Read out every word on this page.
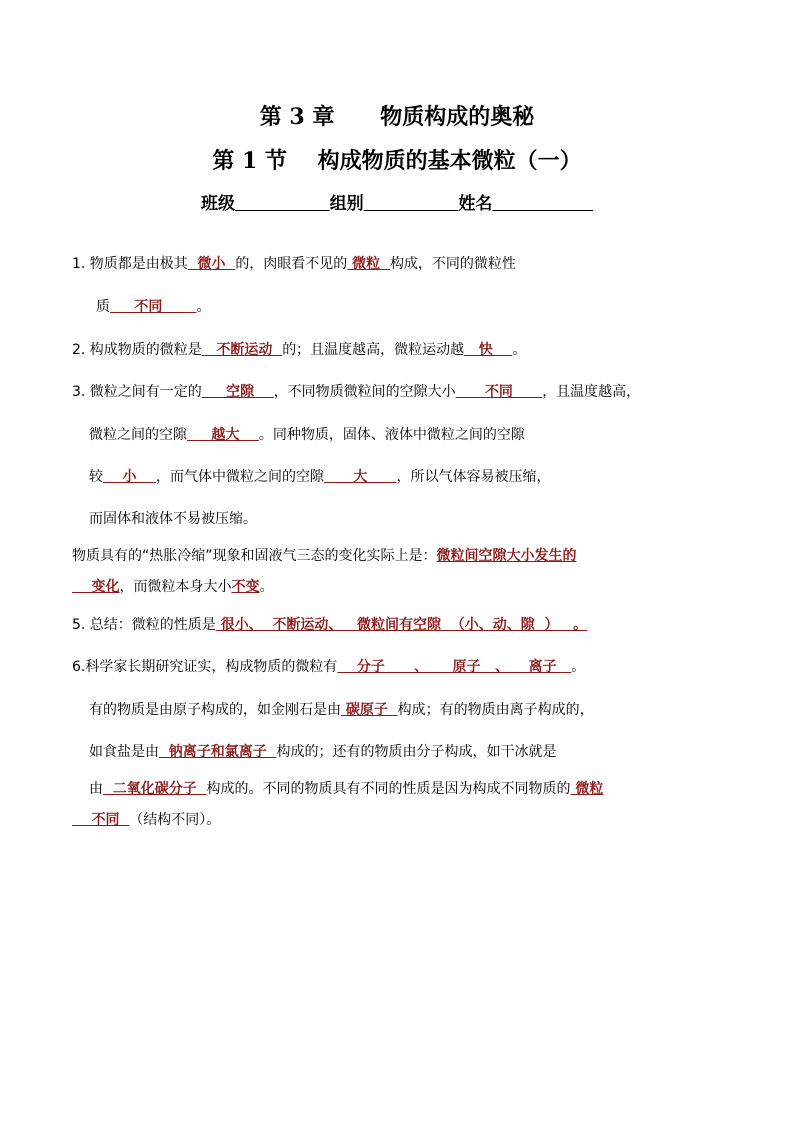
第 3 章      物质构成的奥秘
第 1 节    构成物质的基本微粒（一）
班级	组别	姓名
1. 物质都是由极其  微小  的，肉眼看不见的 微粒  构成，不同的微粒性
质     不同       。
2. 构成物质的微粒是   不断运动  的；且温度越高，微粒运动越   快    。
3. 微粒之间有一定的     空隙    ，不同物质微粒间的空隙大小      不同      ，且温度越高，
微粒之间的空隙     越大    。同种物质，固体、液体中微粒之间的空隙
较    小    ，而气体中微粒之间的空隙      大      ，所以气体容易被压缩，
而固体和液体不易被压缩。
物质具有的“热胀冷缩”现象和固液气三态的变化实际上是：微粒间空隙大小发生的
变化，而微粒本身大小不变。
5. 总结：微粒的性质是 很小、  不断运动、   微粒间有空隙  （小、动、隙  ）   。
6.科学家长期研究证实，构成物质的微粒有    分子      、     原子   、    离子   。
有的物质是由原子构成的，如金刚石是由 碳原子  构成；有的物质由离子构成的，
如食盐是由  钠离子和氯离子  构成的；还有的物质由分子构成，如干冰就是
由  二氧化碳分子  构成的。不同的物质具有不同的性质是因为构成不同物质的 微粒
不同  （结构不同）。
